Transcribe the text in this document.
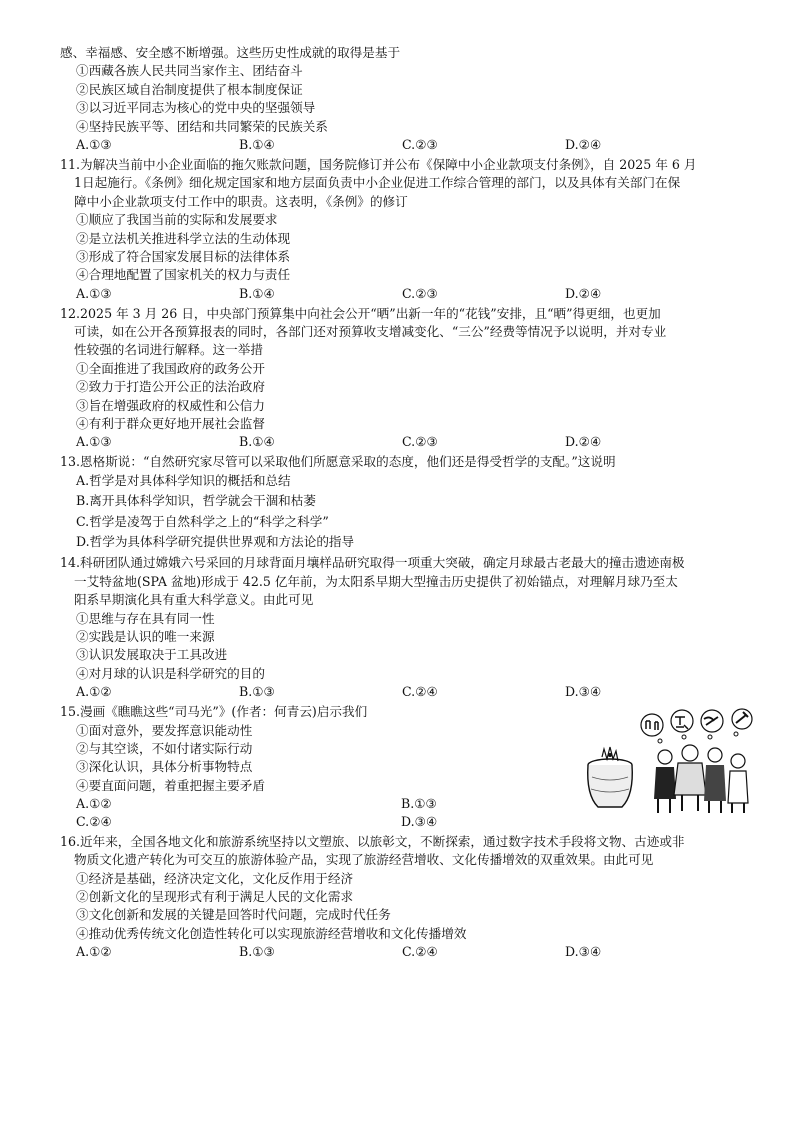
感、幸福感、安全感不断增强。这些历史性成就的取得是基于
①西藏各族人民共同当家作主、团结奋斗
②民族区域自治制度提供了根本制度保证
③以习近平同志为核心的党中央的坚强领导
④坚持民族平等、团结和共同繁荣的民族关系
A.①③	B.①④	C.②③	D.②④
11.为解决当前中小企业面临的拖欠账款问题，国务院修订并公布《保障中小企业款项支付条例》，自 2025 年 6 月
1日起施行。《条例》细化规定国家和地方层面负责中小企业促进工作综合管理的部门，以及具体有关部门在保
障中小企业款项支付工作中的职责。这表明，《条例》的修订
①顺应了我国当前的实际和发展要求
②是立法机关推进科学立法的生动体现
③形成了符合国家发展目标的法律体系
④合理地配置了国家机关的权力与责任
A.①③	B.①④	C.②③	D.②④
12.2025 年 3 月 26 日，中央部门预算集中向社会公开“晒”出新一年的“花钱”安排，且“晒”得更细，也更加
可读，如在公开各预算报表的同时，各部门还对预算收支增减变化、“三公”经费等情况予以说明，并对专业
性较强的名词进行解释。这一举措
①全面推进了我国政府的政务公开
②致力于打造公开公正的法治政府
③旨在增强政府的权威性和公信力
④有利于群众更好地开展社会监督
A.①③	B.①④	C.②③	D.②④
13.恩格斯说：“自然研究家尽管可以采取他们所愿意采取的态度，他们还是得受哲学的支配。”这说明
A.哲学是对具体科学知识的概括和总结
B.离开具体科学知识，哲学就会干涸和枯萎
C.哲学是凌驾于自然科学之上的“科学之科学”
D.哲学为具体科学研究提供世界观和方法论的指导
14.科研团队通过嫦娥六号采回的月球背面月壤样品研究取得一项重大突破，确定月球最古老最大的撞击遗迹南极
一艾特盆地(SPA 盆地)形成于 42.5 亿年前，为太阳系早期大型撞击历史提供了初始锚点，对理解月球乃至太
阳系早期演化具有重大科学意义。由此可见
①思维与存在具有同一性
②实践是认识的唯一来源
③认识发展取决于工具改进
④对月球的认识是科学研究的目的
A.①②	B.①③	C.②④	D.③④
15.漫画《瞧瞧这些“司马光”》(作者：何青云)启示我们
①面对意外，要发挥意识能动性
②与其空谈，不如付诸实际行动
③深化认识，具体分析事物特点
④要直面问题，着重把握主要矛盾
A.①②	B.①③
C.②④	D.③④
16.近年来，全国各地文化和旅游系统坚持以文塑旅、以旅彰文，不断探索，通过数字技术手段将文物、古迹或非
物质文化遗产转化为可交互的旅游体验产品，实现了旅游经营增收、文化传播增效的双重效果。由此可见
①经济是基础，经济决定文化，文化反作用于经济
②创新文化的呈现形式有利于满足人民的文化需求
③文化创新和发展的关键是回答时代问题，完成时代任务
④推动优秀传统文化创造性转化可以实现旅游经营增收和文化传播增效
A.①②	B.①③	C.②④	D.③④
